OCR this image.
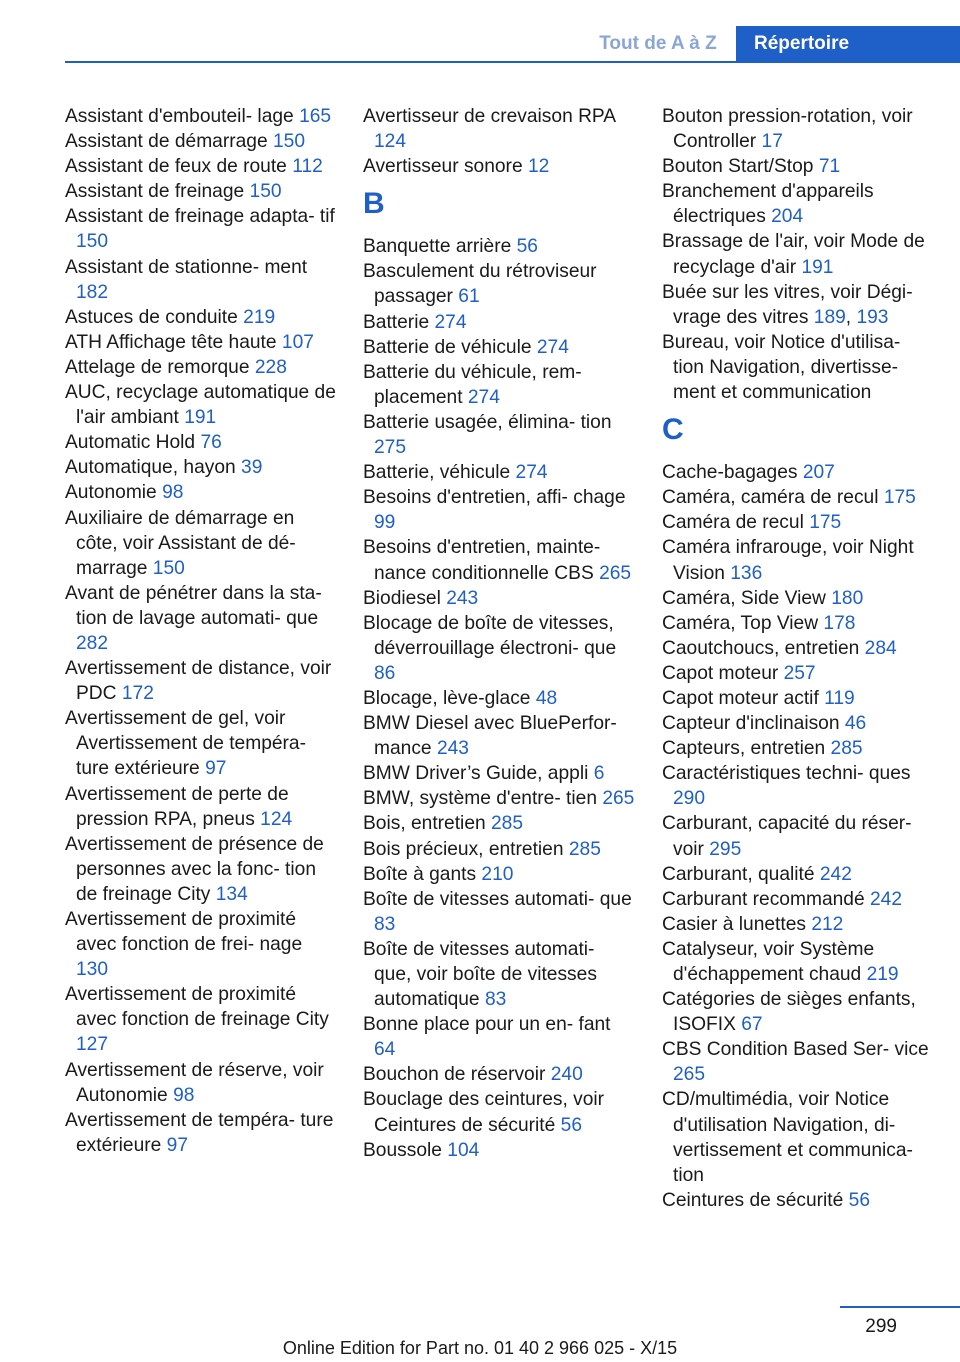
Tout de A à Z	Répertoire
Assistant d'embouteil‐ lage 165
Assistant de démarrage 150
Assistant de feux de route 112
Assistant de freinage 150
Assistant de freinage adapta‐ tif 150
Assistant de stationne‐ ment 182
Astuces de conduite 219
ATH Affichage tête haute 107
Attelage de remorque 228
AUC, recyclage automatique de l'air ambiant 191
Automatic Hold 76
Automatique, hayon 39
Autonomie 98
Auxiliaire de démarrage en côte, voir Assistant de dé‐ marrage 150
Avant de pénétrer dans la sta‐ tion de lavage automati‐ que 282
Avertissement de distance, voir PDC 172
Avertissement de gel, voir Avertissement de tempéra‐ ture extérieure 97
Avertissement de perte de pression RPA, pneus 124
Avertissement de présence de personnes avec la fonc‐ tion de freinage City 134
Avertissement de proximité avec fonction de frei‐ nage 130
Avertissement de proximité avec fonction de freinage City 127
Avertissement de réserve, voir Autonomie 98
Avertissement de tempéra‐ ture extérieure 97
Avertisseur de crevaison RPA 124
Avertisseur sonore 12
B
Banquette arrière 56
Basculement du rétroviseur passager 61
Batterie 274
Batterie de véhicule 274
Batterie du véhicule, rem‐ placement 274
Batterie usagée, élimina‐ tion 275
Batterie, véhicule 274
Besoins d'entretien, affi‐ chage 99
Besoins d'entretien, mainte‐ nance conditionnelle CBS 265
Biodiesel 243
Blocage de boîte de vitesses, déverrouillage électroni‐ que 86
Blocage, lève-glace 48
BMW Diesel avec BluePerfor‐ mance 243
BMW Driver’s Guide, appli 6
BMW, système d'entre‐ tien 265
Bois, entretien 285
Bois précieux, entretien 285
Boîte à gants 210
Boîte de vitesses automati‐ que 83
Boîte de vitesses automati‐ que, voir boîte de vitesses automatique 83
Bonne place pour un en‐ fant 64
Bouchon de réservoir 240
Bouclage des ceintures, voir Ceintures de sécurité 56
Boussole 104
Bouton pression-rotation, voir Controller 17
Bouton Start/Stop 71
Branchement d'appareils électriques 204
Brassage de l'air, voir Mode de recyclage d'air 191
Buée sur les vitres, voir Dégi‐ vrage des vitres 189, 193
Bureau, voir Notice d'utilisa‐ tion Navigation, divertisse‐ ment et communication
C
Cache-bagages 207
Caméra, caméra de recul 175
Caméra de recul 175
Caméra infrarouge, voir Night Vision 136
Caméra, Side View 180
Caméra, Top View 178
Caoutchoucs, entretien 284
Capot moteur 257
Capot moteur actif 119
Capteur d'inclinaison 46
Capteurs, entretien 285
Caractéristiques techni‐ ques 290
Carburant, capacité du réser‐ voir 295
Carburant, qualité 242
Carburant recommandé 242
Casier à lunettes 212
Catalyseur, voir Système d'échappement chaud 219
Catégories de sièges enfants, ISOFIX 67
CBS Condition Based Ser‐ vice 265
CD/multimédia, voir Notice d'utilisation Navigation, di‐ vertissement et communica‐ tion
Ceintures de sécurité 56
299
Online Edition for Part no. 01 40 2 966 025 - X/15
